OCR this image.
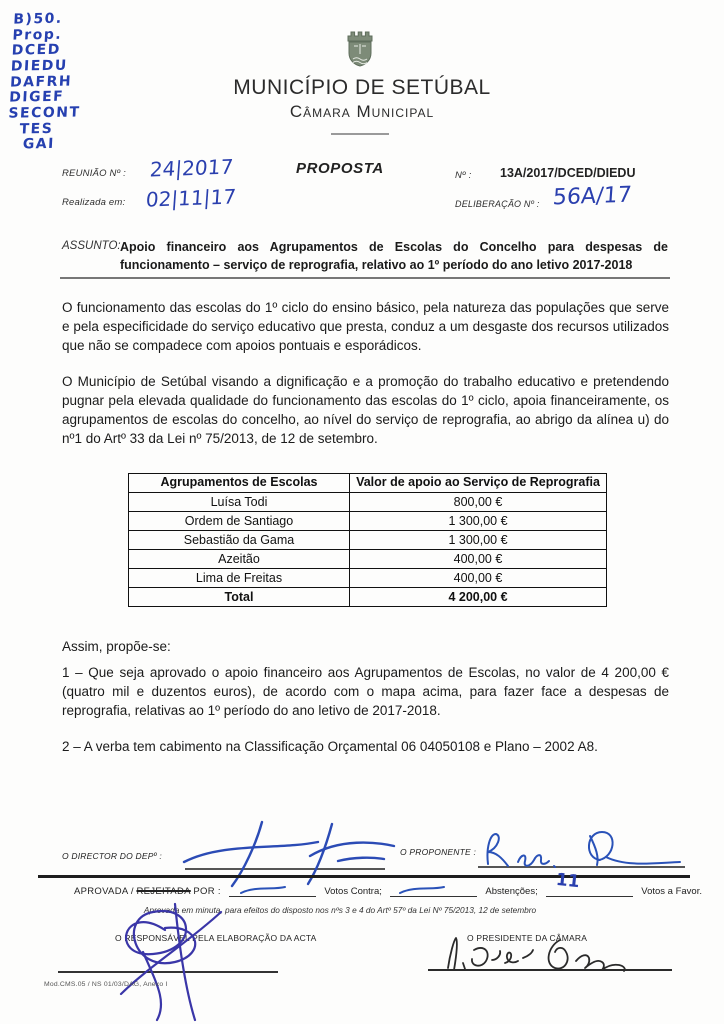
B)50.
Prop.
DCED
DIEDU
DAFRH
DIGEF
SECONT
TES
GAI
MUNICÍPIO DE SETÚBAL
Câmara Municipal
REUNIÃO Nº : 24|2017
Realizada em: 02|11|17
PROPOSTA	Nº : 13A/2017/DCED/DIEDU
DELIBERAÇÃO Nº : 56A/17
ASSUNTO: Apoio financeiro aos Agrupamentos de Escolas do Concelho para despesas de funcionamento – serviço de reprografia, relativo ao 1º período do ano letivo 2017-2018
O funcionamento das escolas do 1º ciclo do ensino básico, pela natureza das populações que serve e pela especificidade do serviço educativo que presta, conduz a um desgaste dos recursos utilizados que não se compadece com apoios pontuais e esporádicos.
O Município de Setúbal visando a dignificação e a promoção do trabalho educativo e pretendendo pugnar pela elevada qualidade do funcionamento das escolas do 1º ciclo, apoia financeiramente, os agrupamentos de escolas do concelho, ao nível do serviço de reprografia, ao abrigo da alínea u) do nº1 do Artº 33 da Lei nº 75/2013, de 12 de setembro.
Agrupamentos de Escolas	Valor de apoio ao Serviço de Reprografia
Luísa Todi	800,00 €
Ordem de Santiago	1 300,00 €
Sebastião da Gama	1 300,00 €
Azeitão	400,00 €
Lima de Freitas	400,00 €
Total	4 200,00 €
Assim, propõe-se:
1 – Que seja aprovado o apoio financeiro aos Agrupamentos de Escolas, no valor de 4 200,00 € (quatro mil e duzentos euros), de acordo com o mapa acima, para fazer face a despesas de reprografia, relativas ao 1º período do ano letivo de 2017-2018.
2 – A verba tem cabimento na Classificação Orçamental 06 04050108 e Plano – 2002 A8.
O DIRECTOR DO DEPº :	O PROPONENTE :
APROVADA /
REJEITADA
POR :	Votos Contra;	Abstenções; 11	Votos a Favor.
Aprovada em minuta, para efeitos do disposto nos nºs 3 e 4 do Artº 57º da Lei Nº 75/2013, 12 de setembro
O RESPONSÁVEL PELA ELABORAÇÃO DA ACTA
Mod.CMS.05 / NS 01/03/DAG, Anexo I
O PRESIDENTE DA CÂMARA
